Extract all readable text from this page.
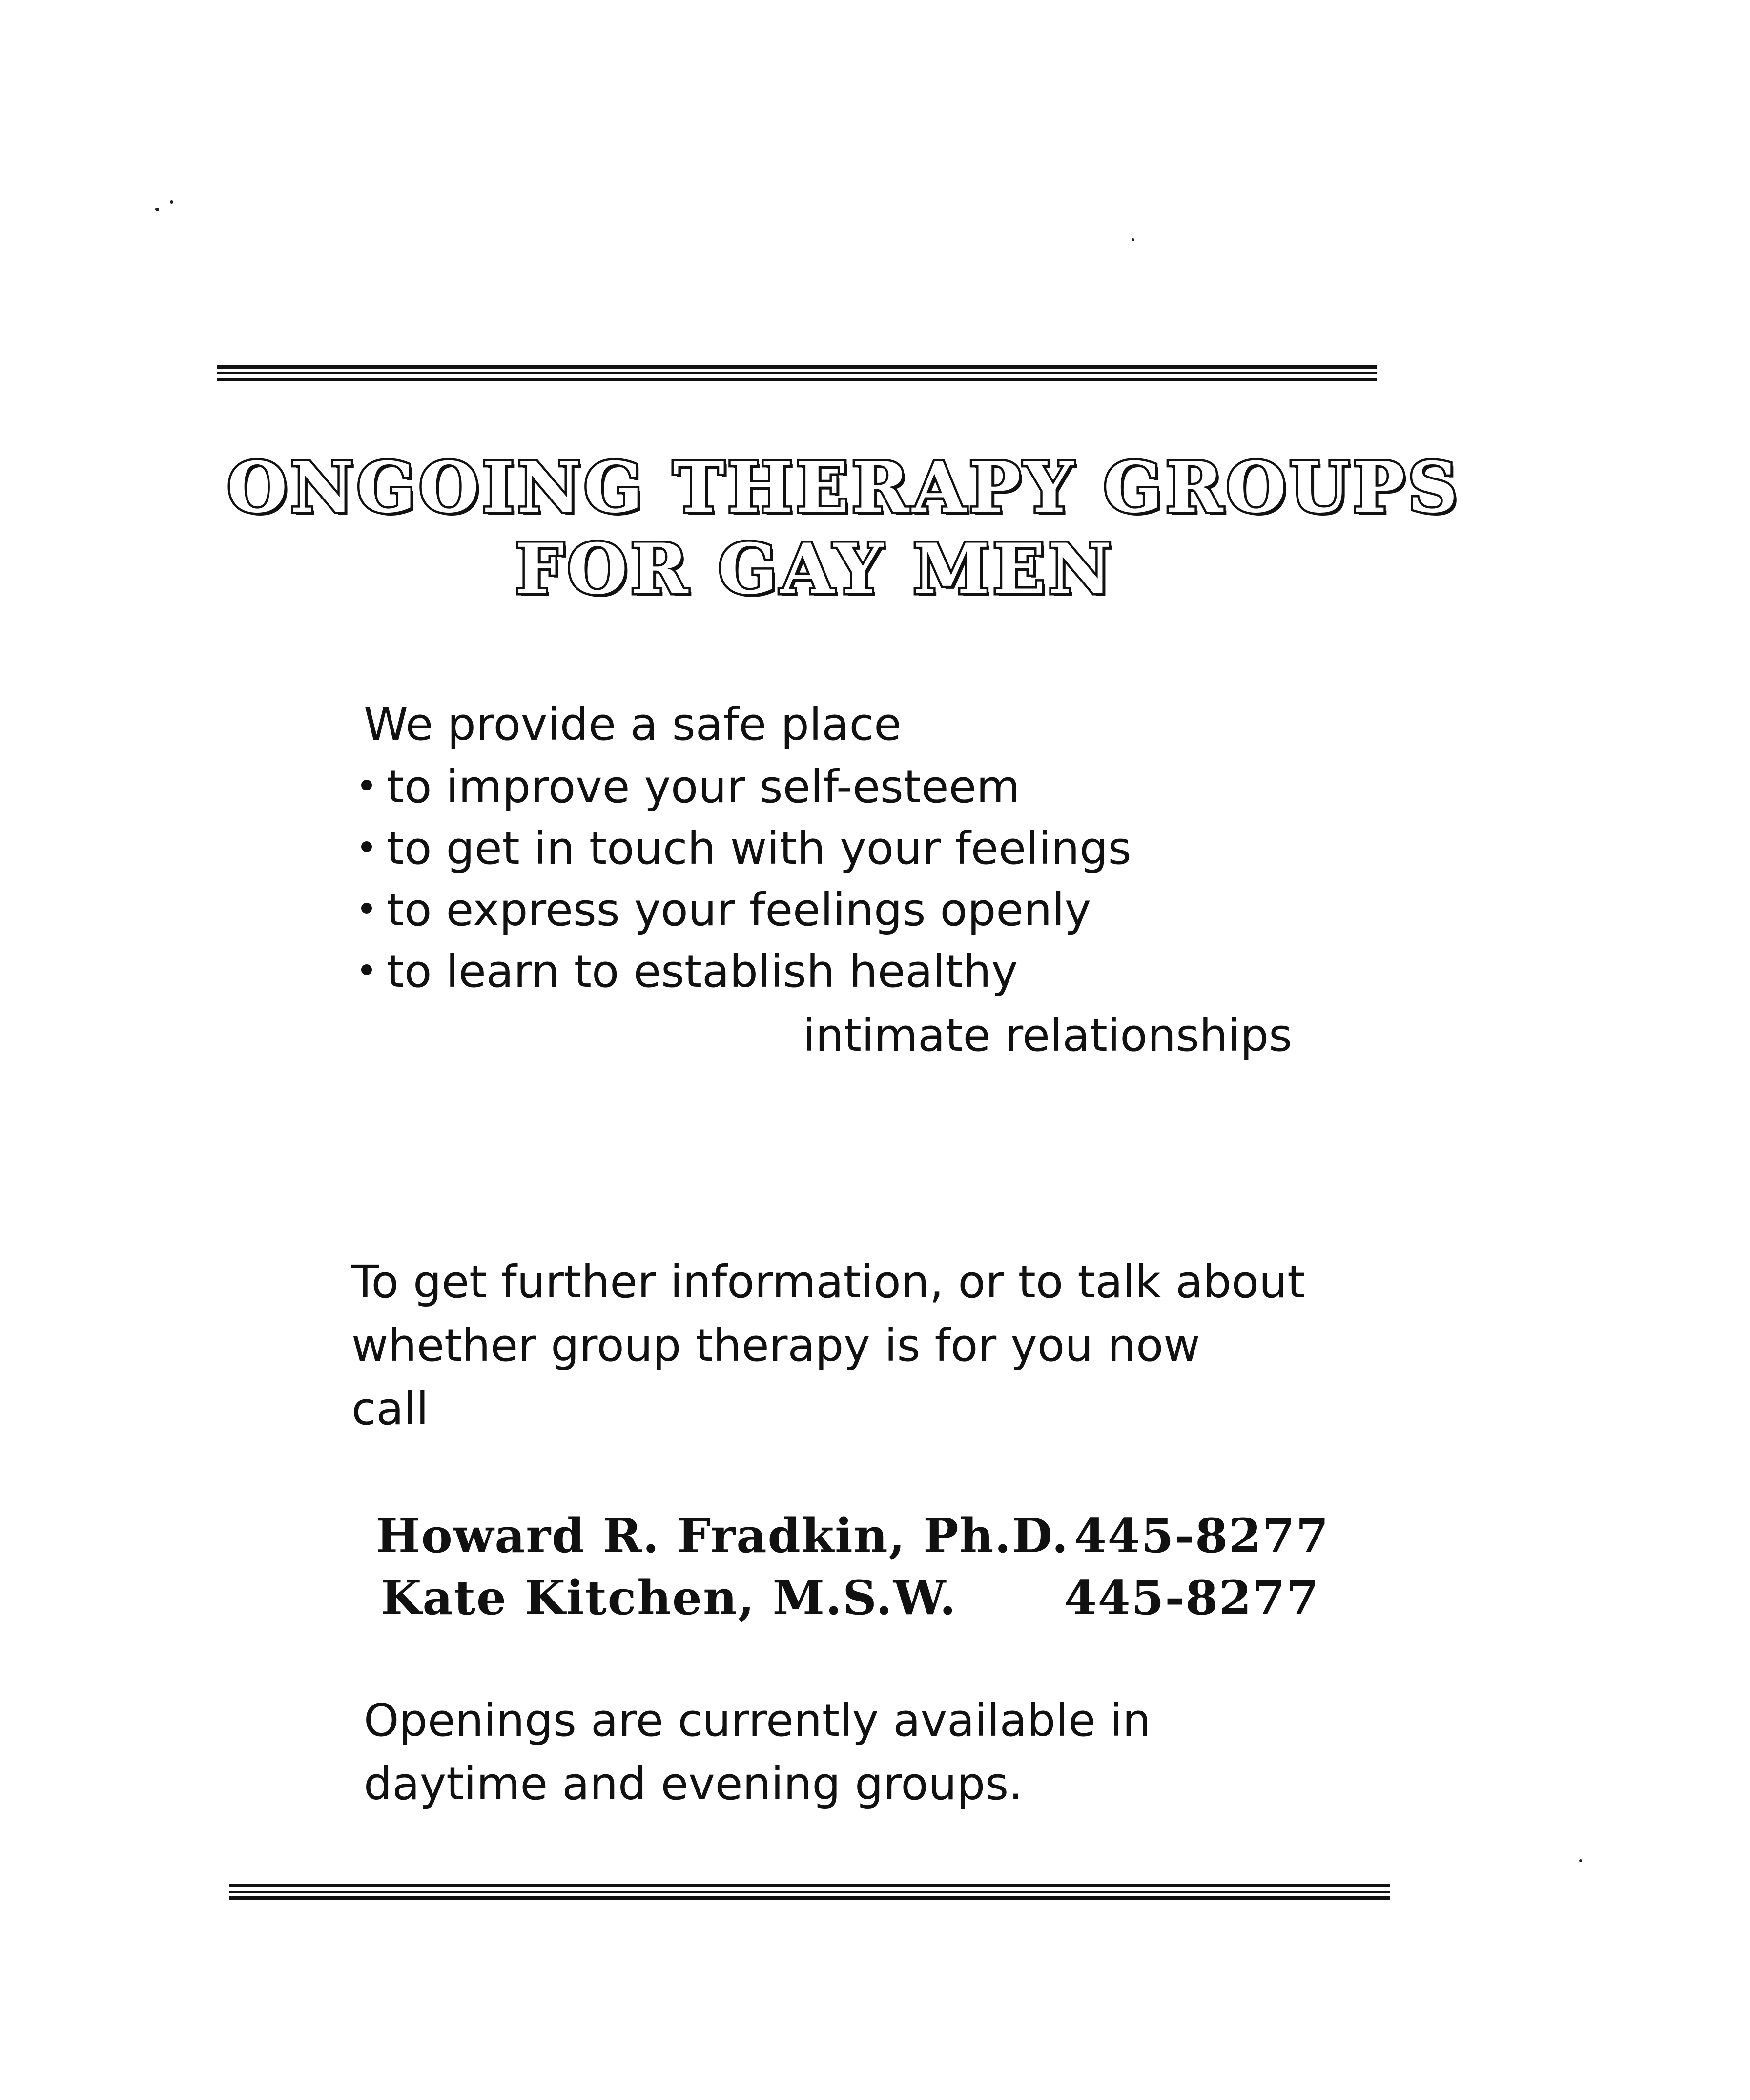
ONGOING THERAPY GROUPS
FOR GAY MEN

We provide a safe place

to improve your self-esteem
to get in touch with your feelings
to express your feelings openly
to learn to establish healthy

intimate relationships

To get further information, or to talk about

whether group therapy is for you now

call

Howard R. Fradkin, Ph.D. 445-8277
Kate Kitchen, M.S.W. 445-8277

Openings are currently available in

daytime and evening groups.
